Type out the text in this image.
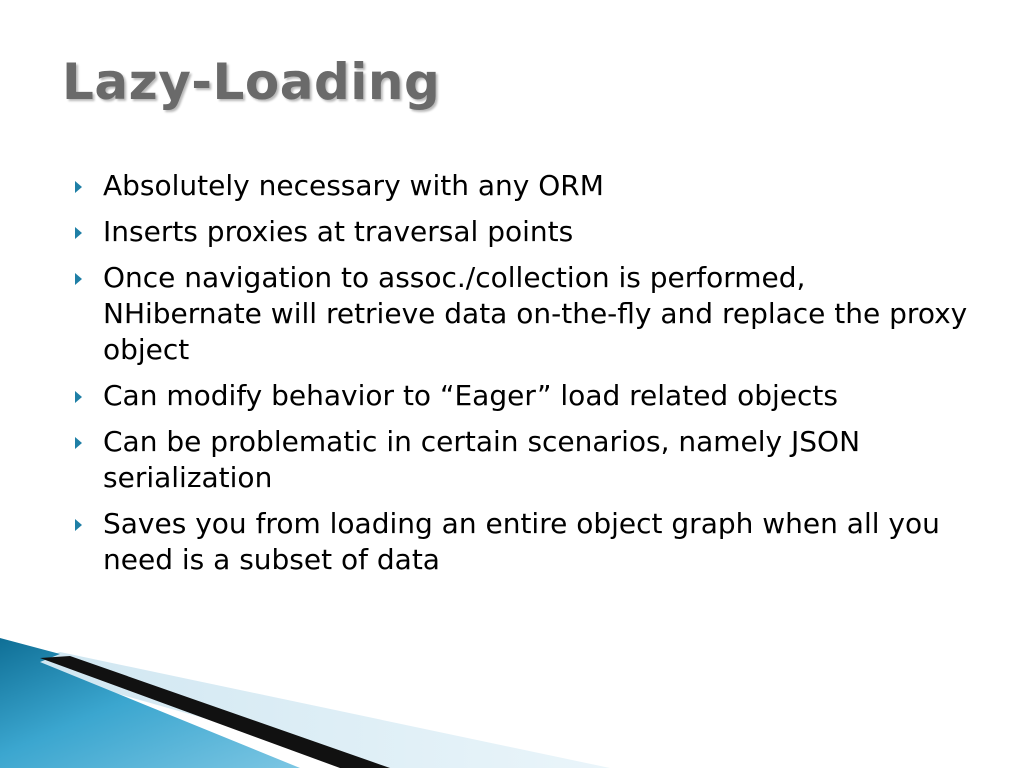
Lazy-Loading
Absolutely necessary with any ORM
Inserts proxies at traversal points
Once navigation to assoc./collection is performed, NHibernate will retrieve data on-the-fly and replace the proxy object
Can modify behavior to “Eager” load related objects
Can be problematic in certain scenarios, namely JSON serialization
Saves you from loading an entire object graph when all you need is a subset of data
